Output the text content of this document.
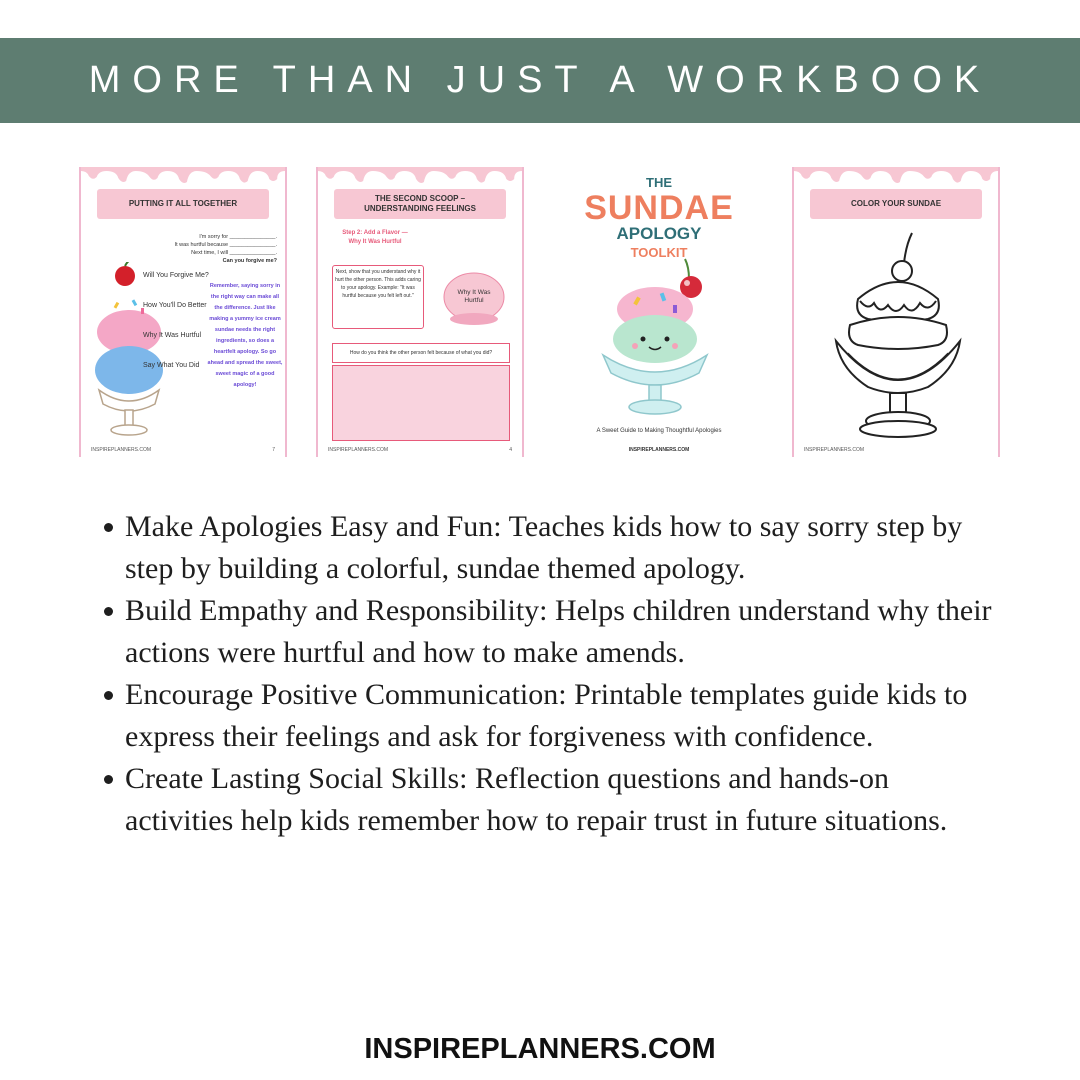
MORE THAN JUST A WORKBOOK
PUTTING IT ALL TOGETHER
I'm sorry for _______________.
It was hurtful because _______________.
Next time, I will _______________.
Can you forgive me?
Will You Forgive Me?
How You'll Do Better
Why It Was Hurtful
Say What You Did
Remember, saying sorry in the right way can make all the difference. Just like making a yummy ice cream sundae needs the right ingredients, so does a heartfelt apology. So go ahead and spread the sweet, sweet magic of a good apology!
INSPIREPLANNERS.COM	7
THE SECOND SCOOP – UNDERSTANDING FEELINGS
Step 2: Add a Flavor — Why It Was Hurtful
Next, show that you understand why it hurt the other person. This adds caring to your apology. Example: "It was hurtful because you felt left out."	Why It Was Hurtful
How do you think the other person felt because of what you did?
INSPIREPLANNERS.COM	4
THE
SUNDAE
APOLOGY
TOOLKIT
A Sweet Guide to Making Thoughtful Apologies
INSPIREPLANNERS.COM
COLOR YOUR SUNDAE
INSPIREPLANNERS.COM
Make Apologies Easy and Fun: Teaches kids how to say sorry step by step by building a colorful, sundae themed apology.
Build Empathy and Responsibility: Helps children understand why their actions were hurtful and how to make amends.
Encourage Positive Communication: Printable templates guide kids to express their feelings and ask for forgiveness with confidence.
Create Lasting Social Skills: Reflection questions and hands-on activities help kids remember how to repair trust in future situations.
INSPIREPLANNERS.COM
